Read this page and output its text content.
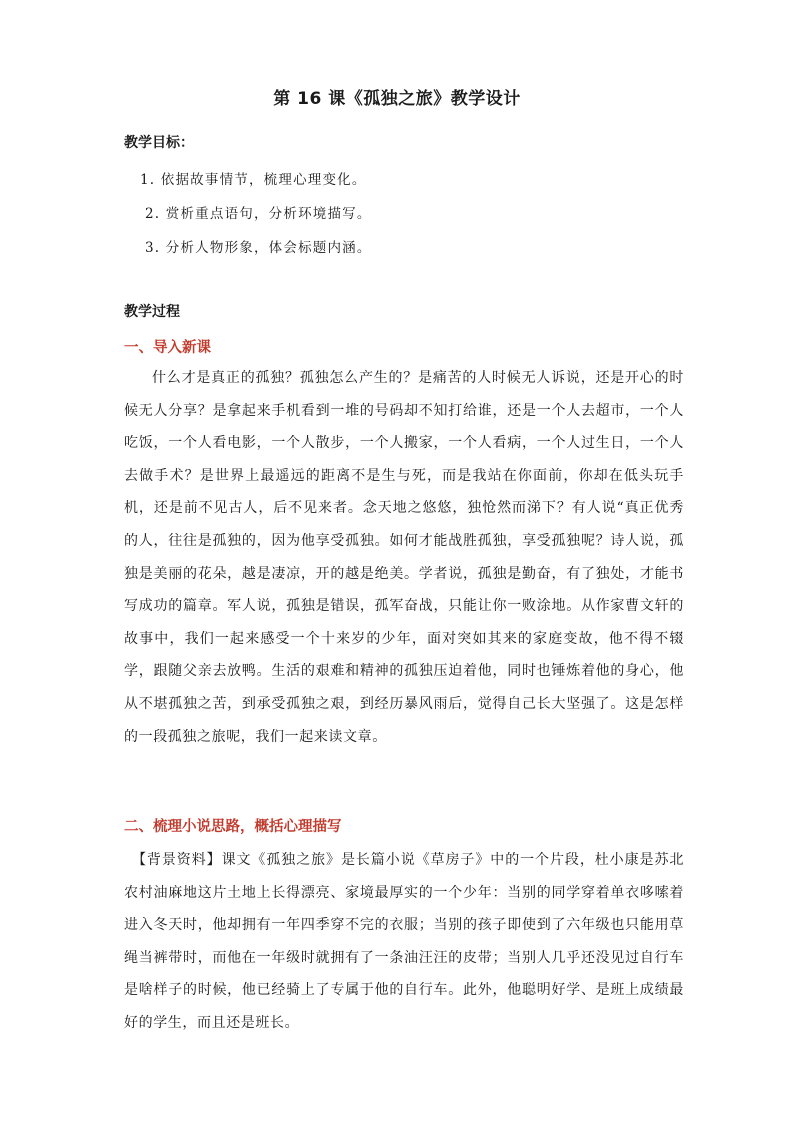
第 16 课《孤独之旅》教学设计
教学目标：
1. 依据故事情节，梳理心理变化。
2. 赏析重点语句，分析环境描写。
3. 分析人物形象，体会标题内涵。
教学过程
一、导入新课
什么才是真正的孤独？孤独怎么产生的？是痛苦的人时候无人诉说，还是开心的时候无人分享？是拿起来手机看到一堆的号码却不知打给谁，还是一个人去超市，一个人吃饭，一个人看电影，一个人散步，一个人搬家，一个人看病，一个人过生日，一个人去做手术？是世界上最遥远的距离不是生与死，而是我站在你面前，你却在低头玩手机，还是前不见古人，后不见来者。念天地之悠悠，独怆然而涕下？有人说“真正优秀的人，往往是孤独的，因为他享受孤独。如何才能战胜孤独，享受孤独呢？诗人说，孤独是美丽的花朵，越是凄凉，开的越是绝美。学者说，孤独是勤奋，有了独处，才能书写成功的篇章。军人说，孤独是错误，孤军奋战，只能让你一败涂地。从作家曹文轩的故事中，我们一起来感受一个十来岁的少年，面对突如其来的家庭变故，他不得不辍学，跟随父亲去放鸭。生活的艰难和精神的孤独压迫着他，同时也锤炼着他的身心，他从不堪孤独之苦，到承受孤独之艰，到经历暴风雨后，觉得自己长大坚强了。这是怎样的一段孤独之旅呢，我们一起来读文章。
二、梳理小说思路，概括心理描写
【背景资料】课文《孤独之旅》是长篇小说《草房子》中的一个片段，杜小康是苏北农村油麻地这片土地上长得漂亮、家境最厚实的一个少年：当别的同学穿着单衣哆嗦着进入冬天时，他却拥有一年四季穿不完的衣服；当别的孩子即使到了六年级也只能用草绳当裤带时，而他在一年级时就拥有了一条油汪汪的皮带；当别人几乎还没见过自行车是啥样子的时候，他已经骑上了专属于他的自行车。此外，他聪明好学、是班上成绩最好的学生，而且还是班长。
